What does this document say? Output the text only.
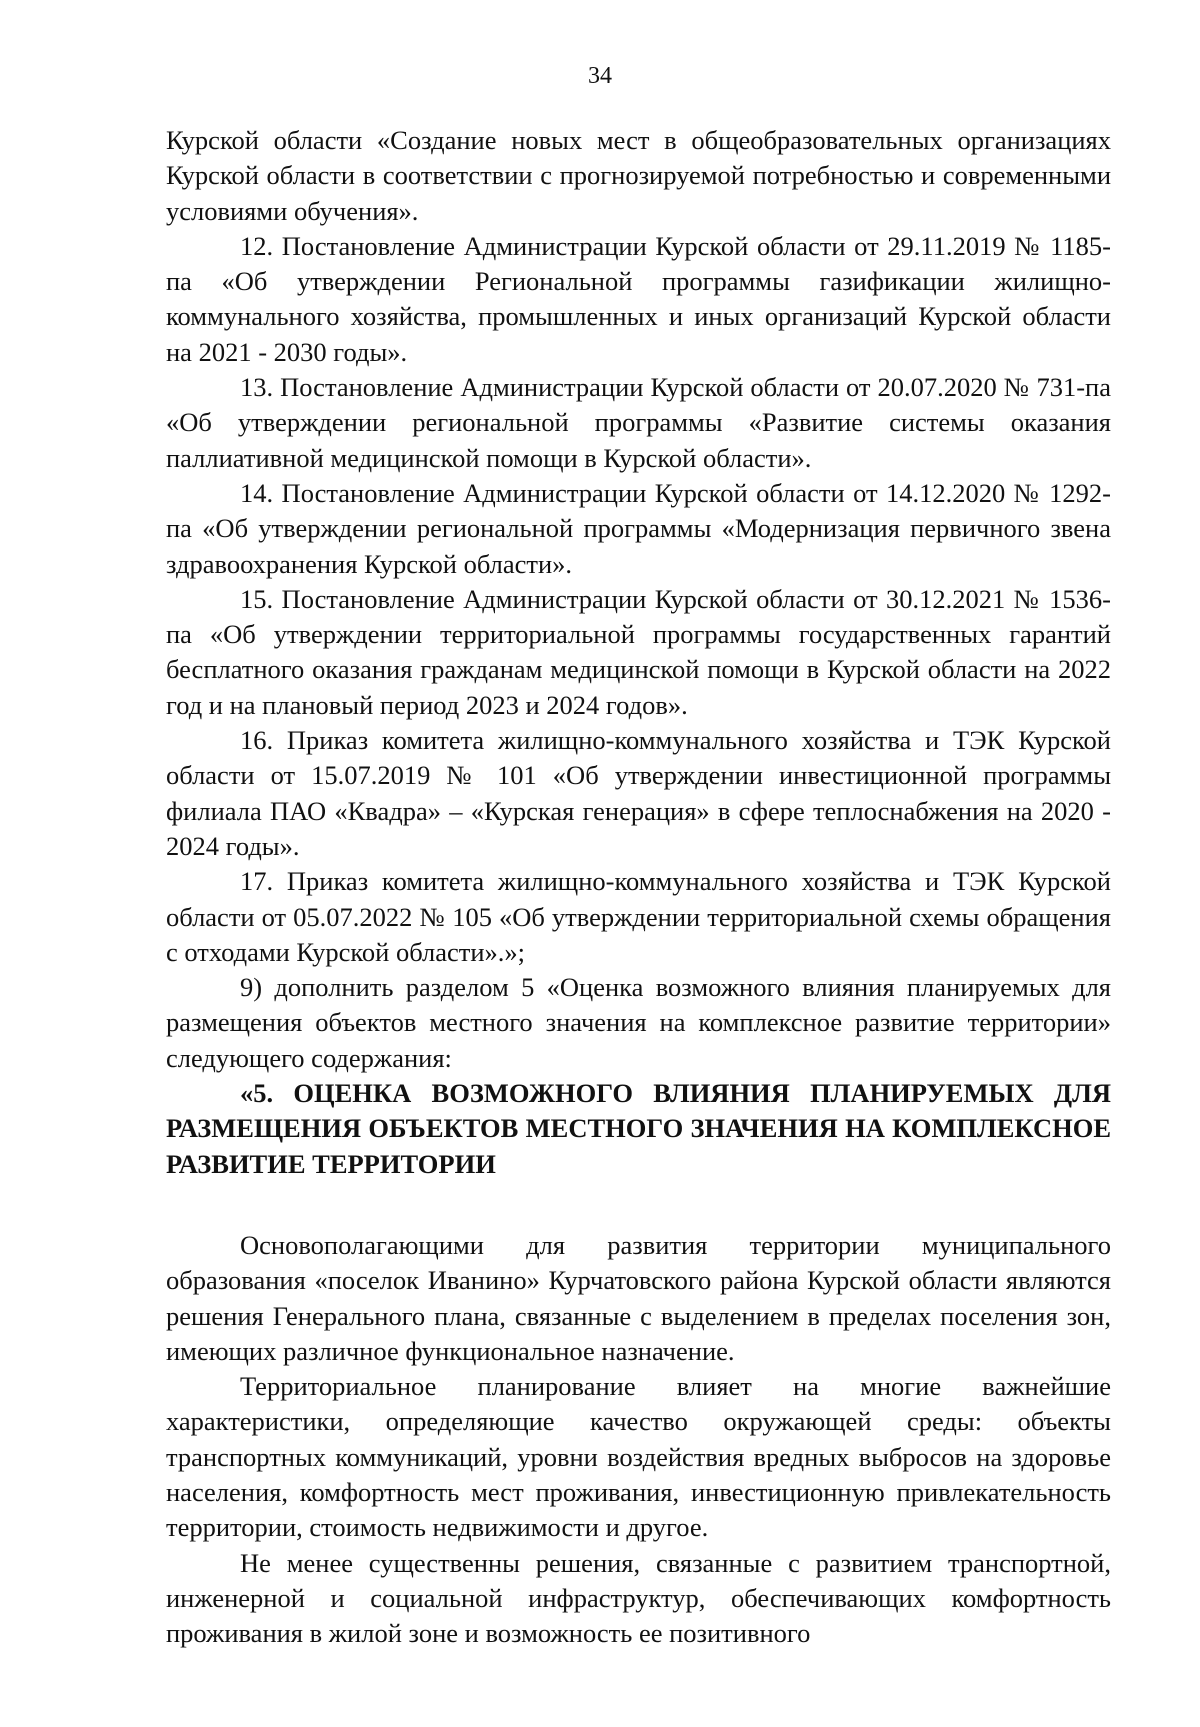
34

Курской области «Создание новых мест в общеобразовательных организациях Курской области в соответствии с прогнозируемой потребностью и современными условиями обучения».

12. Постановление Администрации Курской области от 29.11.2019 № 1185-па «Об утверждении Региональной программы газификации жилищно-коммунального хозяйства, промышленных и иных организаций Курской области на 2021 - 2030 годы».

13. Постановление Администрации Курской области от 20.07.2020 № 731-па «Об утверждении региональной программы «Развитие системы оказания паллиативной медицинской помощи в Курской области».

14. Постановление Администрации Курской области от 14.12.2020 № 1292-па «Об утверждении региональной программы «Модернизация первичного звена здравоохранения Курской области».

15. Постановление Администрации Курской области от 30.12.2021 № 1536-па «Об утверждении территориальной программы государственных гарантий бесплатного оказания гражданам медицинской помощи в Курской области на 2022 год и на плановый период 2023 и 2024 годов».

16. Приказ комитета жилищно-коммунального хозяйства и ТЭК Курской области от 15.07.2019 № 101 «Об утверждении инвестиционной программы филиала ПАО «Квадра» – «Курская генерация» в сфере теплоснабжения на 2020 - 2024 годы».

17. Приказ комитета жилищно-коммунального хозяйства и ТЭК Курской области от 05.07.2022 № 105 «Об утверждении территориальной схемы обращения с отходами Курской области».»;

9) дополнить разделом 5 «Оценка возможного влияния планируемых для размещения объектов местного значения на комплексное развитие территории» следующего содержания:

«5. ОЦЕНКА ВОЗМОЖНОГО ВЛИЯНИЯ ПЛАНИРУЕМЫХ ДЛЯ РАЗМЕЩЕНИЯ ОБЪЕКТОВ МЕСТНОГО ЗНАЧЕНИЯ НА КОМПЛЕКСНОЕ РАЗВИТИЕ ТЕРРИТОРИИ

Основополагающими для развития территории муниципального образования «поселок Иванино» Курчатовского района Курской области являются решения Генерального плана, связанные с выделением в пределах поселения зон, имеющих различное функциональное назначение.

Территориальное планирование влияет на многие важнейшие характеристики, определяющие качество окружающей среды: объекты транспортных коммуникаций, уровни воздействия вредных выбросов на здоровье населения, комфортность мест проживания, инвестиционную привлекательность территории, стоимость недвижимости и другое.

Не менее существенны решения, связанные с развитием транспортной, инженерной и социальной инфраструктур, обеспечивающих комфортность проживания в жилой зоне и возможность ее позитивного
